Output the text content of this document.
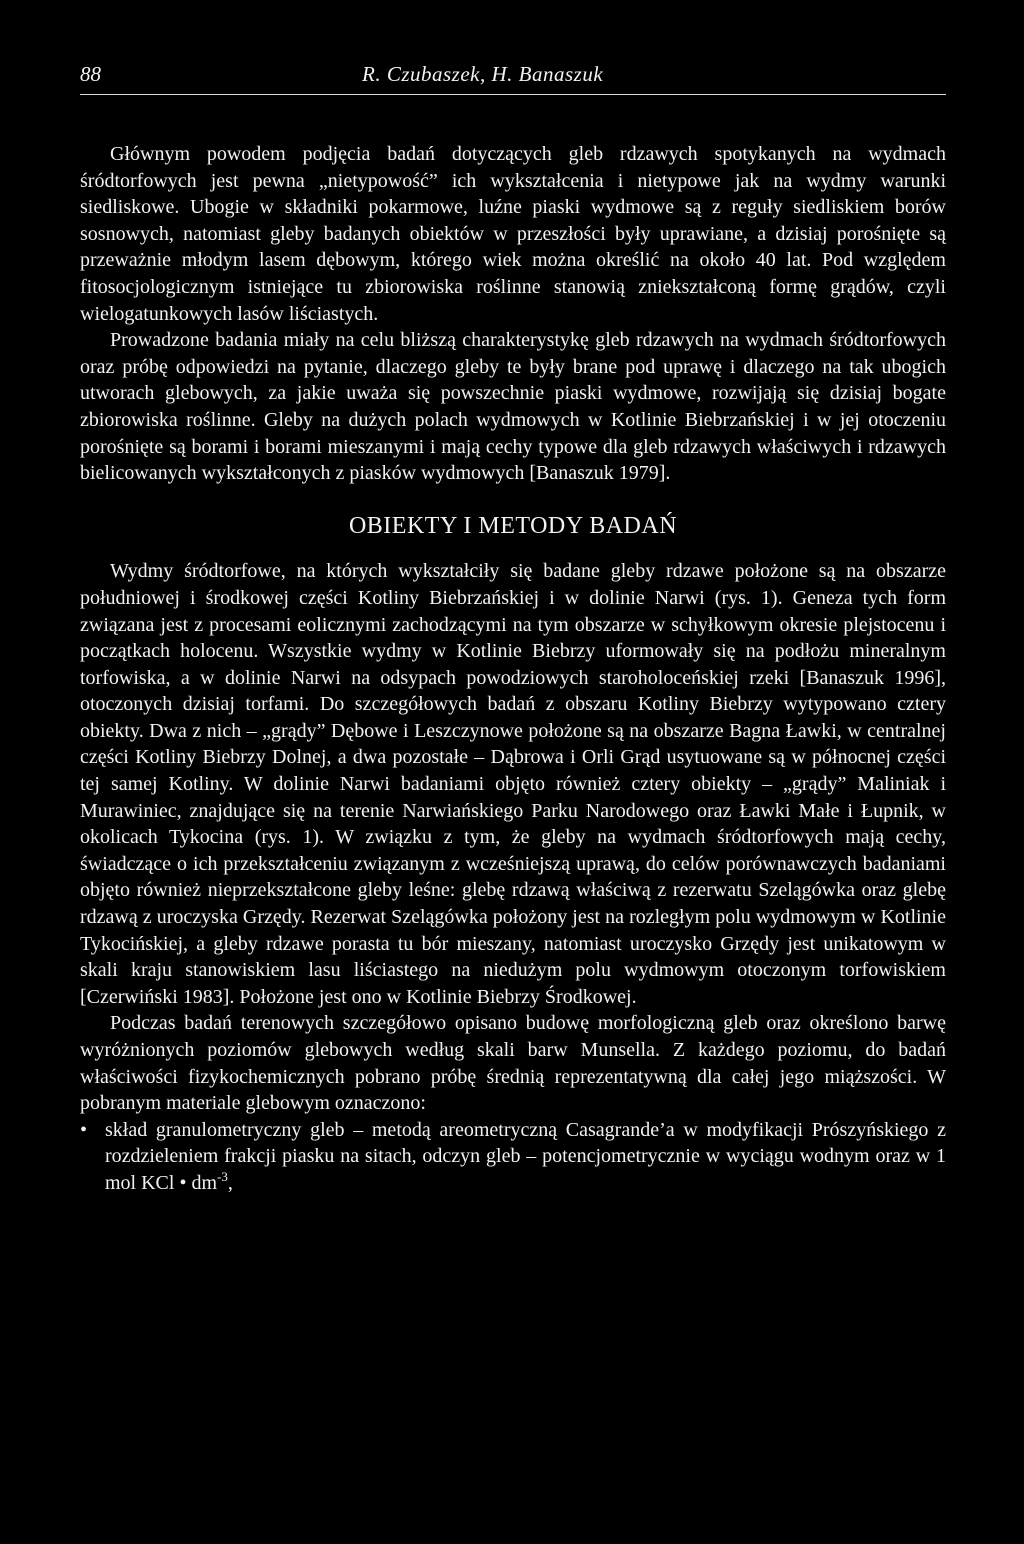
88	R. Czubaszek, H. Banaszuk

Głównym powodem podjęcia badań dotyczących gleb rdzawych spotykanych na wydmach śródtorfowych jest pewna „nietypowość” ich wykształcenia i nietypowe jak na wydmy warunki siedliskowe. Ubogie w składniki pokarmowe, luźne piaski wydmowe są z reguły siedliskiem borów sosnowych, natomiast gleby badanych obiektów w przeszłości były uprawiane, a dzisiaj porośnięte są przeważnie młodym lasem dębowym, którego wiek można określić na około 40 lat. Pod względem fitosocjologicznym istniejące tu zbiorowiska roślinne stanowią zniekształconą formę grądów, czyli wielogatunkowych lasów liściastych.

Prowadzone badania miały na celu bliższą charakterystykę gleb rdzawych na wydmach śródtorfowych oraz próbę odpowiedzi na pytanie, dlaczego gleby te były brane pod uprawę i dlaczego na tak ubogich utworach glebowych, za jakie uważa się powszechnie piaski wydmowe, rozwijają się dzisiaj bogate zbiorowiska roślinne. Gleby na dużych polach wydmowych w Kotlinie Biebrzańskiej i w jej otoczeniu porośnięte są borami i borami mieszanymi i mają cechy typowe dla gleb rdzawych właściwych i rdzawych bielicowanych wykształconych z piasków wydmowych [Banaszuk 1979].

OBIEKTY I METODY BADAŃ

Wydmy śródtorfowe, na których wykształciły się badane gleby rdzawe położone są na obszarze południowej i środkowej części Kotliny Biebrzańskiej i w dolinie Narwi (rys. 1). Geneza tych form związana jest z procesami eolicznymi zachodzącymi na tym obszarze w schyłkowym okresie plejstocenu i początkach holocenu. Wszystkie wydmy w Kotlinie Biebrzy uformowały się na podłożu mineralnym torfowiska, a w dolinie Narwi na odsypach powodziowych staroholoceńskiej rzeki [Banaszuk 1996], otoczonych dzisiaj torfami. Do szczegółowych badań z obszaru Kotliny Biebrzy wytypowano cztery obiekty. Dwa z nich – „grądy” Dębowe i Leszczynowe położone są na obszarze Bagna Ławki, w centralnej części Kotliny Biebrzy Dolnej, a dwa pozostałe – Dąbrowa i Orli Grąd usytuowane są w północnej części tej samej Kotliny. W dolinie Narwi badaniami objęto również cztery obiekty – „grądy” Maliniak i Murawiniec, znajdujące się na terenie Narwiańskiego Parku Narodowego oraz Ławki Małe i Łupnik, w okolicach Tykocina (rys. 1). W związku z tym, że gleby na wydmach śródtorfowych mają cechy, świadczące o ich przekształceniu związanym z wcześniejszą uprawą, do celów porównawczych badaniami objęto również nieprzekształcone gleby leśne: glebę rdzawą właściwą z rezerwatu Szelągówka oraz glebę rdzawą z uroczyska Grzędy. Rezerwat Szelągówka położony jest na rozległym polu wydmowym w Kotlinie Tykocińskiej, a gleby rdzawe porasta tu bór mieszany, natomiast uroczysko Grzędy jest unikatowym w skali kraju stanowiskiem lasu liściastego na niedużym polu wydmowym otoczonym torfowiskiem [Czerwiński 1983]. Położone jest ono w Kotlinie Biebrzy Środkowej.

Podczas badań terenowych szczegółowo opisano budowę morfologiczną gleb oraz określono barwę wyróżnionych poziomów glebowych według skali barw Munsella. Z każdego poziomu, do badań właściwości fizykochemicznych pobrano próbę średnią reprezentatywną dla całej jego miąższości. W pobranym materiale glebowym oznaczono:

• skład granulometryczny gleb – metodą areometryczną Casagrande’a w modyfikacji Prószyńskiego z rozdzieleniem frakcji piasku na sitach, odczyn gleb – potencjometrycznie w wyciągu wodnym oraz w 1 mol KCl • $dm^{-3}$,
